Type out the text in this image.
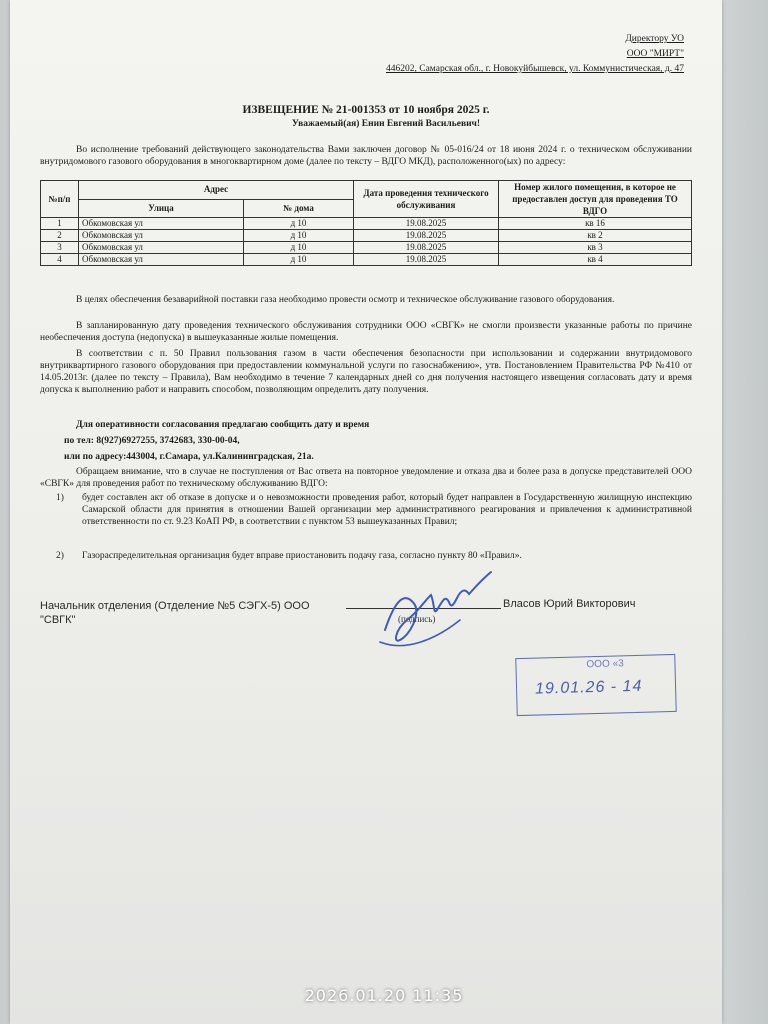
Директору УО
ООО "МИРТ"
446202, Самарская обл., г. Новокуйбышевск, ул. Коммунистическая, д. 47
ИЗВЕЩЕНИЕ № 21-001353 от 10 ноября 2025 г.
Уважаемый(ая) Енин Евгений Васильевич!

Во исполнение требований действующего законодательства Вами заключен договор № 05-016/24 от 18 июня 2024 г. о техническом обслуживании внутридомового газового оборудования в многоквартирном доме (далее по тексту – ВДГО МКД), расположенного(ых) по адресу:

№п/п	Адрес		Дата проведения технического обслуживания	Номер жилого помещения, в которое не предоставлен доступ для проведения ТО ВДГО
	Улица	№ дома		
1	Обкомовская ул	д 10	19.08.2025	кв 16
2	Обкомовская ул	д 10	19.08.2025	кв 2
3	Обкомовская ул	д 10	19.08.2025	кв 3
4	Обкомовская ул	д 10	19.08.2025	кв 4

В целях обеспечения безаварийной поставки газа необходимо провести осмотр и техническое обслуживание газового оборудования.

В запланированную дату проведения технического обслуживания сотрудники ООО «СВГК» не смогли произвести указанные работы по причине необеспечения доступа (недопуска) в вышеуказанные жилые помещения.

В соответствии с п. 50 Правил пользования газом в части обеспечения безопасности при использовании и содержании внутридомового внутриквартирного газового оборудования при предоставлении коммунальной услуги по газоснабжению», утв. Постановлением Правительства РФ №410 от 14.05.2013г. (далее по тексту – Правила), Вам необходимо в течение 7 календарных дней со дня получения настоящего извещения согласовать дату и время допуска к выполнению работ и направить способом, позволяющим определить дату получения.

Для оперативности согласования предлагаю сообщить дату и время
по тел: 8(927)6927255, 3742683, 330-00-04,
или по адресу:443004, г.Самара, ул.Калининградская, 21а.

Обращаем внимание, что в случае не поступления от Вас ответа на повторное уведомление и отказа два и более раза в допуске представителей ООО «СВГК» для проведения работ по техническому обслуживанию ВДГО:

1) будет составлен акт об отказе в допуске и о невозможности проведения работ, который будет направлен в Государственную жилищную инспекцию Самарской области для принятия в отношении Вашей организации мер административного реагирования и привлечения к административной ответственности по ст. 9.23 КоАП РФ, в соответствии с пунктом 53 вышеуказанных Правил;
2) Газораспределительная организация будет вправе приостановить подачу газа, согласно пункту 80 «Правил».
Начальник отделения (Отделение №5 СЭГХ-5) ООО
"СВГК"	(подпись)
Власов Юрий Викторович
ООО «3
19.01.26 - 14
2026.01.20 11:35
